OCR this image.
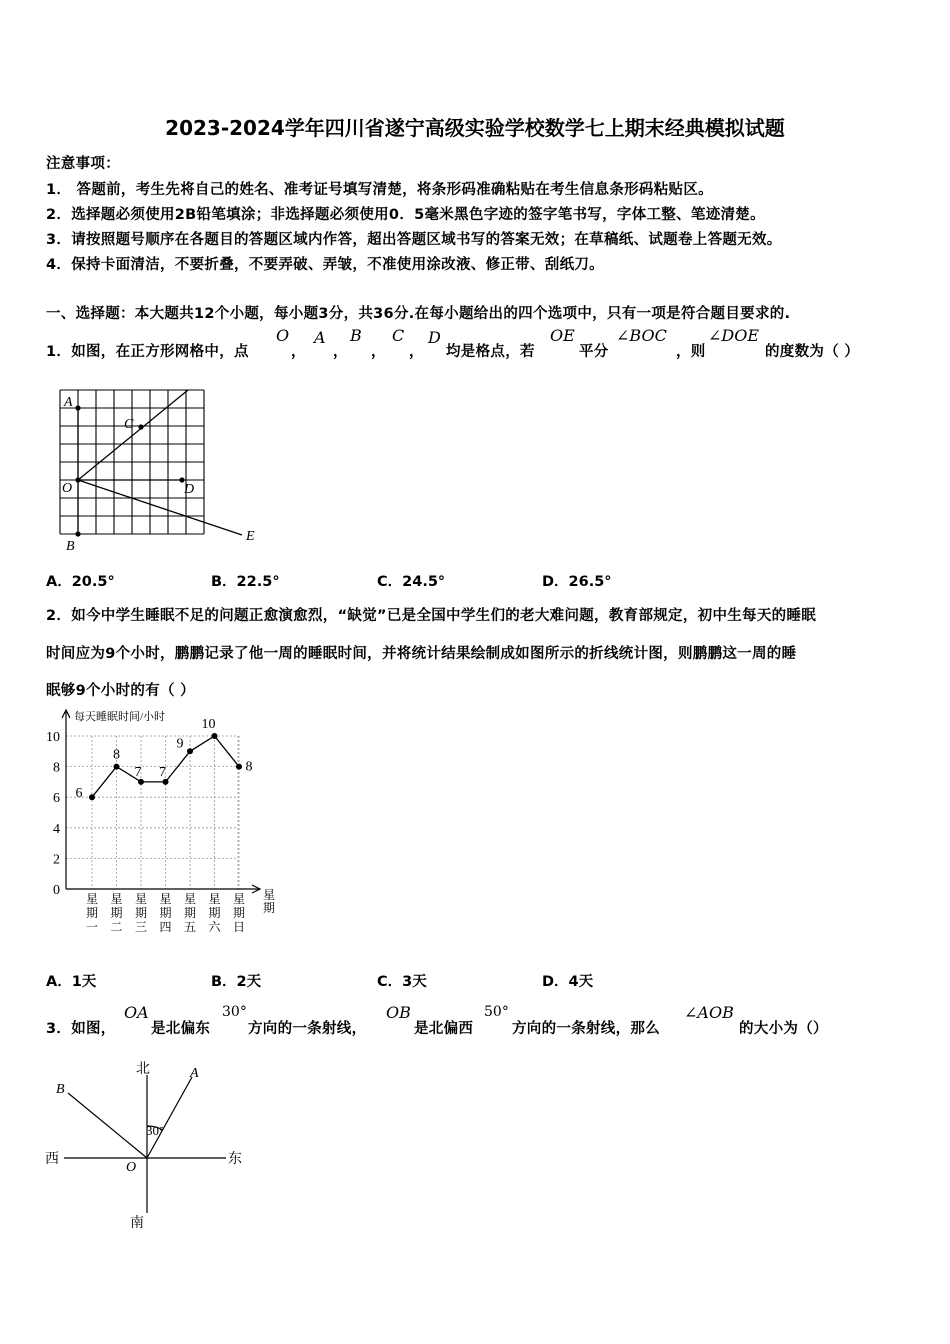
2023-2024学年四川省遂宁高级实验学校数学七上期末经典模拟试题
注意事项：
1． 答题前，考生先将自己的姓名、准考证号填写清楚，将条形码准确粘贴在考生信息条形码粘贴区。
2．选择题必须使用2B铅笔填涂；非选择题必须使用0．5毫米黑色字迹的签字笔书写，字体工整、笔迹清楚。
3．请按照题号顺序在各题目的答题区域内作答，超出答题区域书写的答案无效；在草稿纸、试题卷上答题无效。
4．保持卡面清洁，不要折叠，不要弄破、弄皱，不准使用涂改液、修正带、刮纸刀。
一、选择题：本大题共12个小题，每小题3分，共36分.在每小题给出的四个选项中，只有一项是符合题目要求的.
1．如图，在正方形网格中，点
O
，
A
，
B
，
C
，
D
均是格点，若
OE
平分
∠BOC
，则
∠DOE
的度数为（ ）
A
C
O	D
B
E
A．20.5°	B．22.5°	C．24.5°	D．26.5°
2．如今中学生睡眠不足的问题正愈演愈烈，“缺觉”已是全国中学生们的老大难问题，教育部规定，初中生每天的睡眠
时间应为9个小时，鹏鹏记录了他一周的睡眠时间，并将统计结果绘制成如图所示的折线统计图，则鹏鹏这一周的睡
眠够9个小时的有（ ）
每天睡眠时间/小时
星
期
0
2
4
6
8
10
星
期
一
星
期
二
星
期
三
星
期
四
星
期
五
星
期
六
星
期
日
6
8
7 7
9
10
8
A．1天	B．2天	C．3天	D．4天
3．如图，
OA
是北偏东
30°
方向的一条射线，
OB
是北偏西
50°
方向的一条射线，那么
∠AOB
的大小为（）
北
南
西	东
A
B
O
30°
